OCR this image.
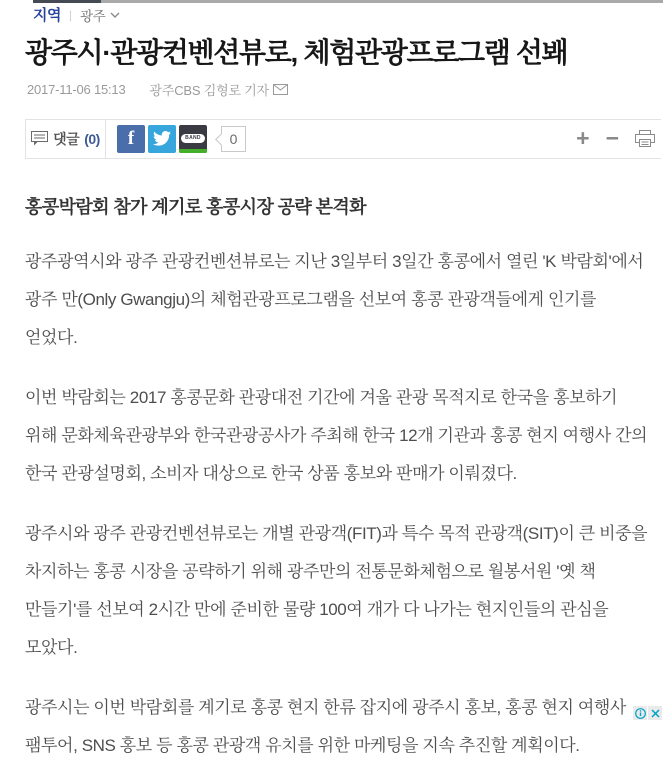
지역 | 광주
광주시·관광컨벤션뷰로, 체험관광프로그램 선봬
2017-11-06 15:13 광주CBS 김형로 기자
댓글 (0) f	BAND 0	+ −
홍콩박람회 참가 계기로 홍콩시장 공략 본격화

광주광역시와 광주 관광컨벤션뷰로는 지난 3일부터 3일간 홍콩에서 열린 'K 박람회'에서 광주 만(Only Gwangju)의 체험관광프로그램을 선보여 홍콩 관광객들에게 인기를 얻었다.

이번 박람회는 2017 홍콩문화 관광대전 기간에 겨울 관광 목적지로 한국을 홍보하기 위해 문화체육관광부와 한국관광공사가 주최해 한국 12개 기관과 홍콩 현지 여행사 간의 한국 관광설명회, 소비자 대상으로 한국 상품 홍보와 판매가 이뤄졌다.

광주시와 광주 관광컨벤션뷰로는 개별 관광객(FIT)과 특수 목적 관광객(SIT)이 큰 비중을 차지하는 홍콩 시장을 공략하기 위해 광주만의 전통문화체험으로 월봉서원 '옛 책 만들기'를 선보여 2시간 만에 준비한 물량 100여 개가 다 나가는 현지인들의 관심을 모았다.

광주시는 이번 박람회를 계기로 홍콩 현지 한류 잡지에 광주시 홍보, 홍콩 현지 여행사 팸투어, SNS 홍보 등 홍콩 관광객 유치를 위한 마케팅을 지속 추진할 계획이다.
